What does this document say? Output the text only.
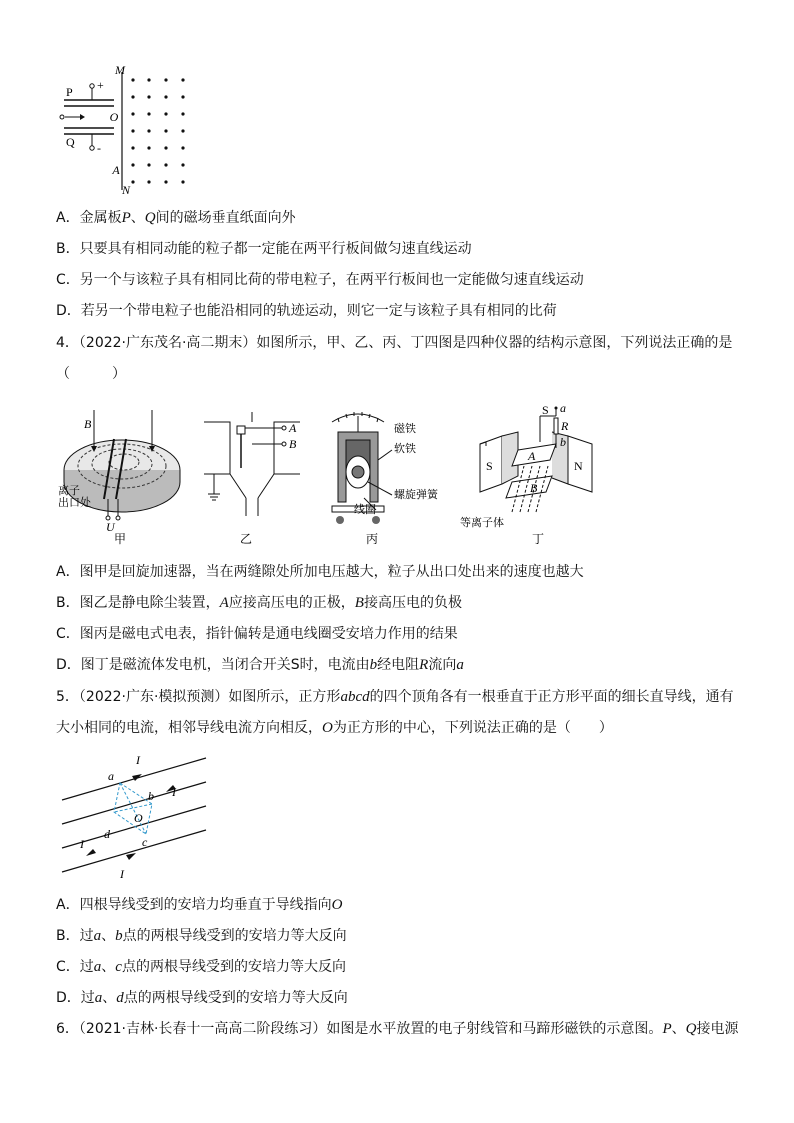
M
O
A
N
P
Q
+
-
A．金属板P、Q间的磁场垂直纸面向外
B．只要具有相同动能的粒子都一定能在两平行板间做匀速直线运动
C．另一个与该粒子具有相同比荷的带电粒子，在两平行板间也一定能做匀速直线运动
D．若另一个带电粒子也能沿相同的轨迹运动，则它一定与该粒子具有相同的比荷
4．（2022·广东茂名·高二期末）如图所示，甲、乙、丙、丁四图是四种仪器的结构示意图，下列说法正确的是
（　　　）
B
U
离子
出口处
甲
A
B
乙
磁铁
软铁
螺旋弹簧
线圈
丙
S a
R
b
S
A
N
B
等离子体
丁
A．图甲是回旋加速器，当在两缝隙处所加电压越大，粒子从出口处出来的速度也越大
B．图乙是静电除尘装置，A应接高压电的正极，B接高压电的负极
C．图丙是磁电式电表，指针偏转是通电线圈受安培力作用的结果
D．图丁是磁流体发电机，当闭合开关S时，电流由b经电阻R流向a
5．（2022·广东·模拟预测）如图所示，正方形abcd的四个顶角各有一根垂直于正方形平面的细长直导线，通有
大小相同的电流，相邻导线电流方向相反，O为正方形的中心，下列说法正确的是（　　）
a
b
c
d
O
I
I
I
I
A．四根导线受到的安培力均垂直于导线指向O
B．过a、b点的两根导线受到的安培力等大反向
C．过a、c点的两根导线受到的安培力等大反向
D．过a、d点的两根导线受到的安培力等大反向
6．（2021·吉林·长春十一高高二阶段练习）如图是水平放置的电子射线管和马蹄形磁铁的示意图。P、Q接电源
